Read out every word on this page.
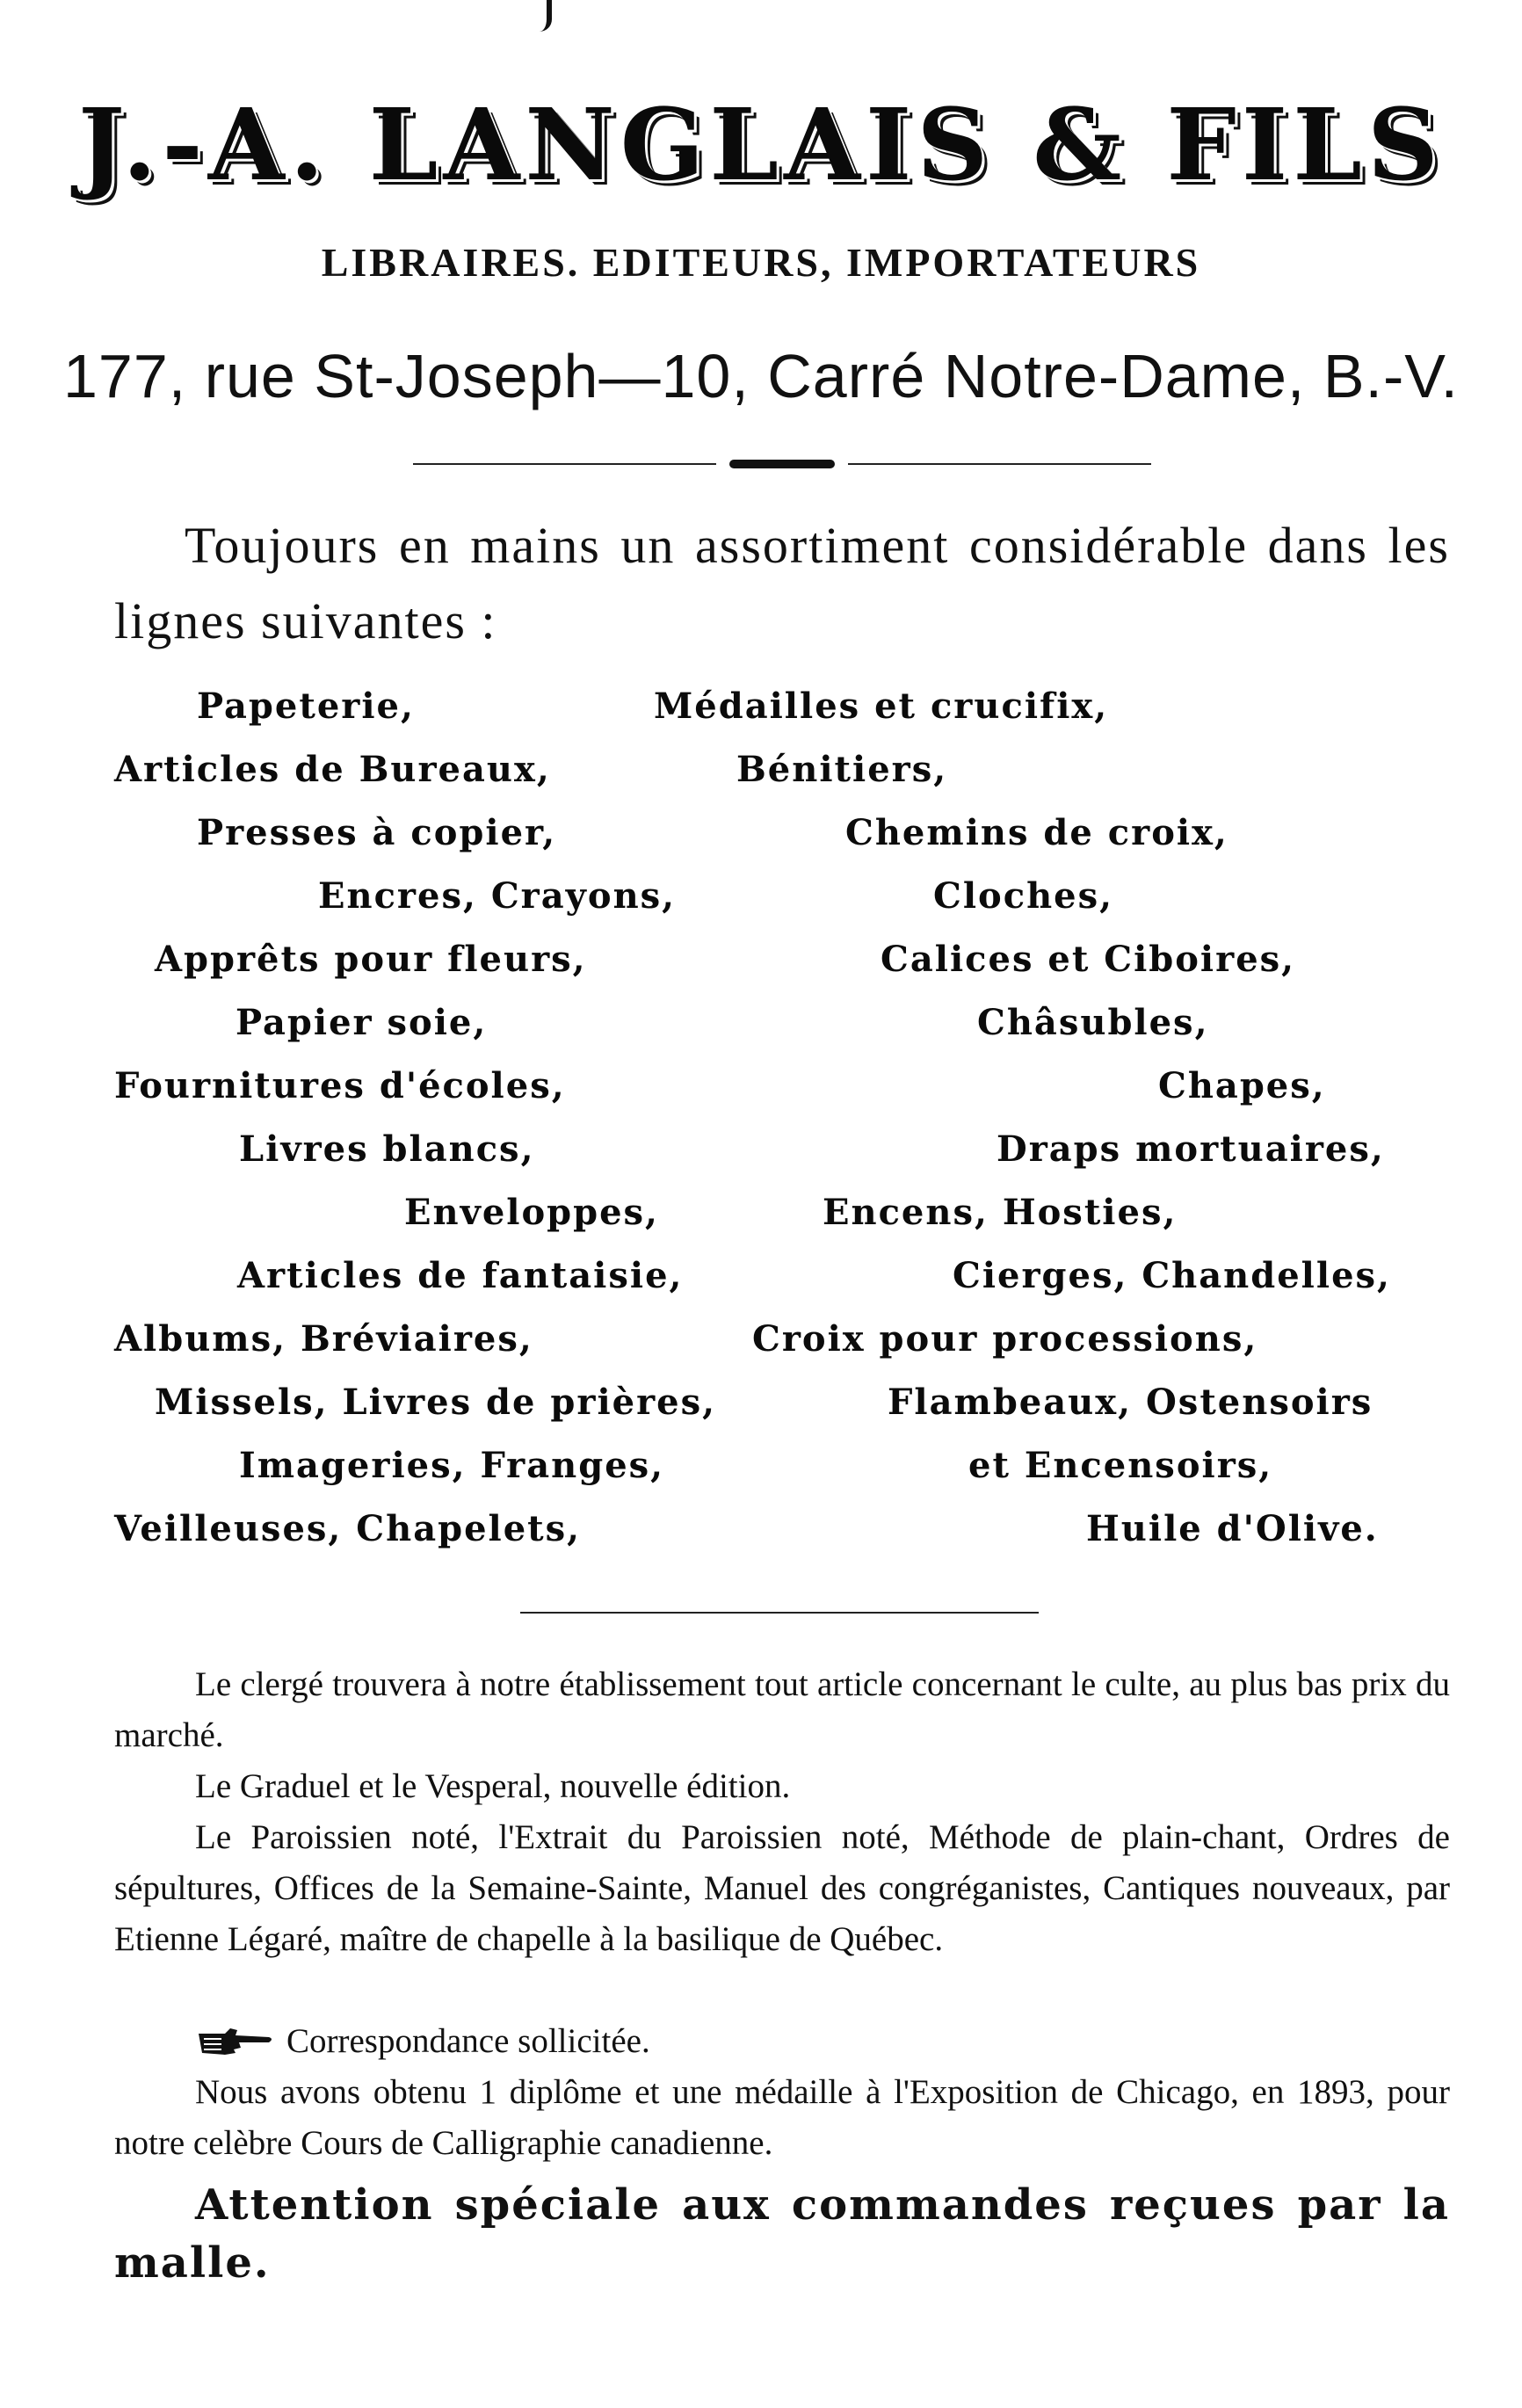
J.-A. LANGLAIS & FILS
LIBRAIRES. EDITEURS, IMPORTATEURS
177, rue St-Joseph—10, Carré Notre-Dame, B.-V.
Toujours en mains un assortiment considérable dans les lignes suivantes :
Papeterie,
Articles de Bureaux,
Presses à copier,
Encres, Crayons,
Apprêts pour fleurs,
Papier soie,
Fournitures d'écoles,
Livres blancs,
Enveloppes,
Articles de fantaisie,
Albums, Bréviaires,
Missels, Livres de prières,
Imageries, Franges,
Veilleuses, Chapelets,
Médailles et crucifix,
Bénitiers,
Chemins de croix,
Cloches,
Calices et Ciboires,
Châsubles,
Chapes,
Draps mortuaires,
Encens, Hosties,
Cierges, Chandelles,
Croix pour processions,
Flambeaux, Ostensoirs
et Encensoirs,
Huile d'Olive.
Le clergé trouvera à notre établissement tout article concernant le culte, au plus bas prix du marché.
Le Graduel et le Vesperal, nouvelle édition.
Le Paroissien noté, l'Extrait du Paroissien noté, Méthode de plain-chant, Ordres de sépultures, Offices de la Semaine-Sainte, Manuel des congréganistes, Cantiques nouveaux, par Etienne Légaré, maître de chapelle à la basilique de Québec.
Correspondance sollicitée.
Nous avons obtenu 1 diplôme et une médaille à l'Exposition de Chicago, en 1893, pour notre celèbre Cours de Calligraphie canadienne.
Attention spéciale aux commandes reçues par la malle.
